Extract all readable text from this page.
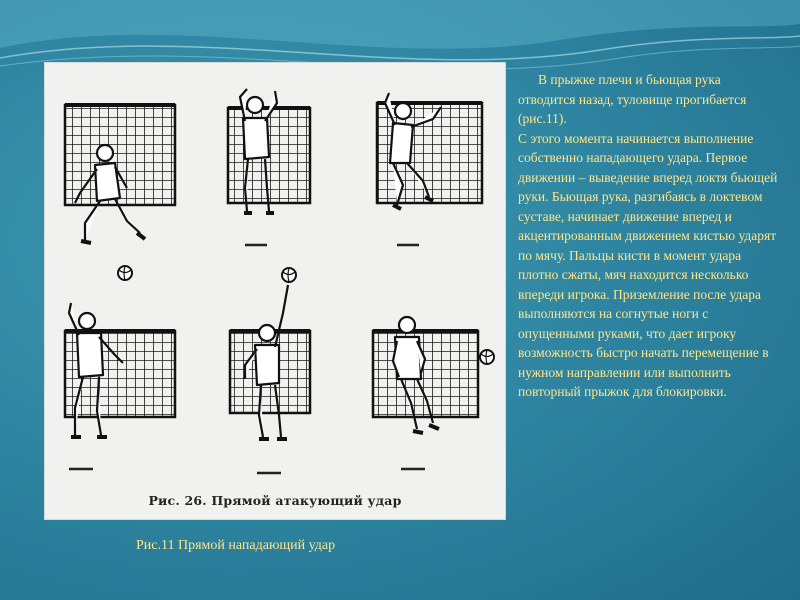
Рис. 26. Прямой атакующий удар
Рис.11 Прямой нападающий удар

В прыжке плечи и бьющая рука отводится назад, туловище прогибается (рис.11).

С этого момента начинается выполнение собственно нападающего удара. Первое движении – выведение вперед локтя бьющей руки. Бьющая рука, разгибаясь в локтевом суставе, начинает движение вперед и акцентированным движением кистью ударят по мячу. Пальцы кисти в момент удара плотно сжаты, мяч находится несколько впереди игрока. Приземление после удара выполняются на согнутые ноги с опущенными руками, что дает игроку возможность быстро начать перемещение в нужном направлении или выполнить повторный прыжок для блокировки.
